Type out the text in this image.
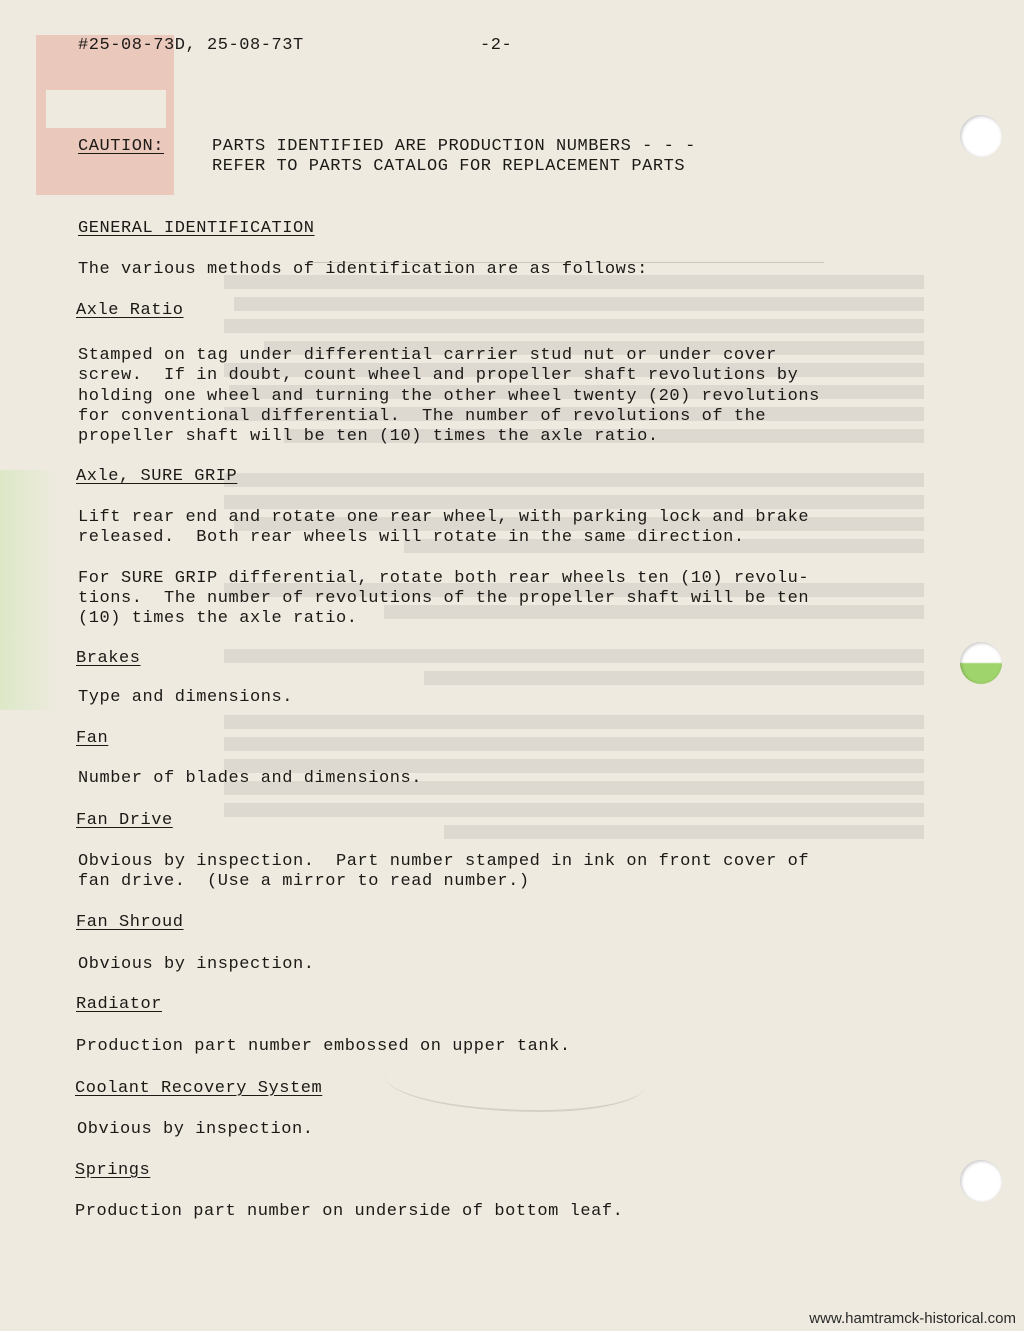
#25-08-73D, 25-08-73T	-2-
CAUTION:	PARTS IDENTIFIED ARE PRODUCTION NUMBERS - - -
REFER TO PARTS CATALOG FOR REPLACEMENT PARTS
GENERAL IDENTIFICATION
The various methods of identification are as follows:
Axle Ratio
Stamped on tag under differential carrier stud nut or under cover
screw.  If in doubt, count wheel and propeller shaft revolutions by
holding one wheel and turning the other wheel twenty (20) revolutions
for conventional differential.  The number of revolutions of the
propeller shaft will be ten (10) times the axle ratio.
Axle, SURE GRIP
Lift rear end and rotate one rear wheel, with parking lock and brake
released.  Both rear wheels will rotate in the same direction.
For SURE GRIP differential, rotate both rear wheels ten (10) revolu-
tions.  The number of revolutions of the propeller shaft will be ten
(10) times the axle ratio.
Brakes
Type and dimensions.
Fan
Number of blades and dimensions.
Fan Drive
Obvious by inspection.  Part number stamped in ink on front cover of
fan drive.  (Use a mirror to read number.)
Fan Shroud
Obvious by inspection.
Radiator
Production part number embossed on upper tank.
Coolant Recovery System
Obvious by inspection.
Springs
Production part number on underside of bottom leaf.
www.hamtramck-historical.com
